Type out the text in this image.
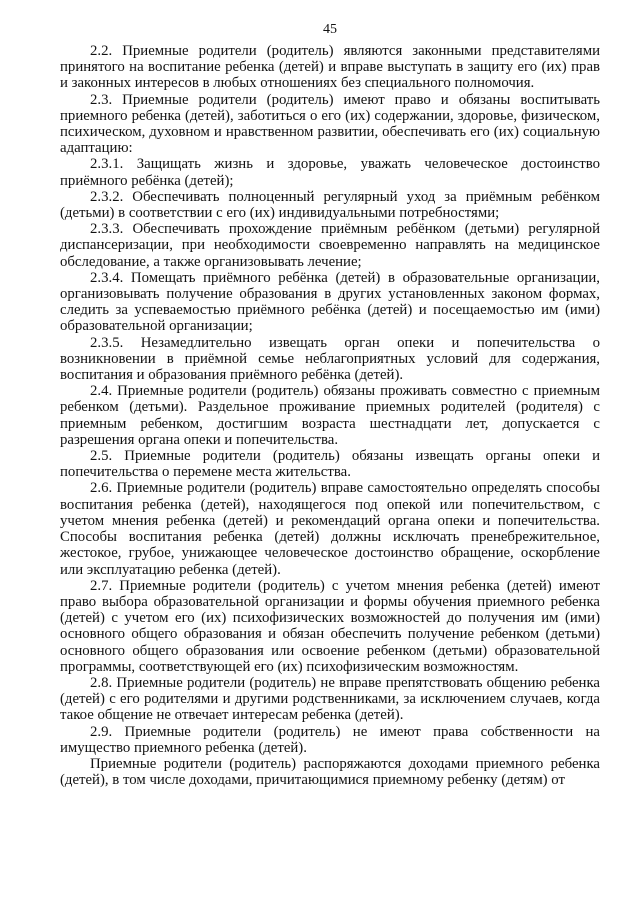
45

2.2. Приемные родители (родитель) являются законными представителями принятого на воспитание ребенка (детей) и вправе выступать в защиту его (их) прав и законных интересов в любых отношениях без специального полномочия.

2.3. Приемные родители (родитель) имеют право и обязаны воспитывать приемного ребенка (детей), заботиться о его (их) содержании, здоровье, физическом, психическом, духовном и нравственном развитии, обеспечивать его (их) социальную адаптацию:

2.3.1. Защищать жизнь и здоровье, уважать человеческое достоинство приёмного ребёнка (детей);

2.3.2. Обеспечивать полноценный регулярный уход за приёмным ребёнком (детьми) в соответствии с его (их) индивидуальными потребностями;

2.3.3. Обеспечивать прохождение приёмным ребёнком (детьми) регулярной диспансеризации, при необходимости своевременно направлять на медицинское обследование, а также организовывать лечение;

2.3.4. Помещать приёмного ребёнка (детей) в образовательные организации, организовывать получение образования в других установленных законом формах, следить за успеваемостью приёмного ребёнка (детей) и посещаемостью им (ими) образовательной организации;

2.3.5. Незамедлительно извещать орган опеки и попечительства о возникновении в приёмной семье неблагоприятных условий для содержания, воспитания и образования приёмного ребёнка (детей).

2.4. Приемные родители (родитель) обязаны проживать совместно с приемным ребенком (детьми). Раздельное проживание приемных родителей (родителя) с приемным ребенком, достигшим возраста шестнадцати лет, допускается с разрешения органа опеки и попечительства.

2.5. Приемные родители (родитель) обязаны извещать органы опеки и попечительства о перемене места жительства.

2.6. Приемные родители (родитель) вправе самостоятельно определять способы воспитания ребенка (детей), находящегося под опекой или попечительством, с учетом мнения ребенка (детей) и рекомендаций органа опеки и попечительства. Способы воспитания ребенка (детей) должны исключать пренебрежительное, жестокое, грубое, унижающее человеческое достоинство обращение, оскорбление или эксплуатацию ребенка (детей).

2.7. Приемные родители (родитель) с учетом мнения ребенка (детей) имеют право выбора образовательной организации и формы обучения приемного ребенка (детей) с учетом его (их) психофизических возможностей до получения им (ими) основного общего образования и обязан обеспечить получение ребенком (детьми) основного общего образования или освоение ребенком (детьми) образовательной программы, соответствующей его (их) психофизическим возможностям.

2.8. Приемные родители (родитель) не вправе препятствовать общению ребенка (детей) с его родителями и другими родственниками, за исключением случаев, когда такое общение не отвечает интересам ребенка (детей).

2.9. Приемные родители (родитель) не имеют права собственности на имущество приемного ребенка (детей).

Приемные родители (родитель) распоряжаются доходами приемного ребенка (детей), в том числе доходами, причитающимися приемному ребенку (детям) от
